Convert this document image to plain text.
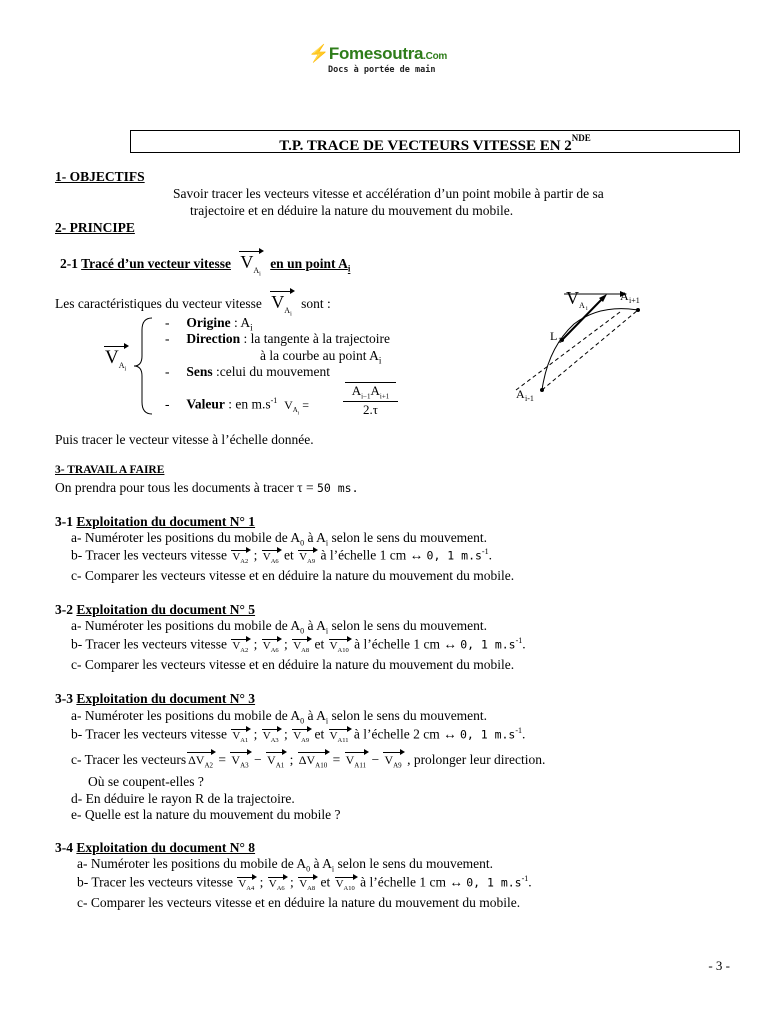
⚡Fomesoutra.Com
Docs à portée de main
T.P. TRACE DE VECTEURS VITESSE EN 2NDE
1- OBJECTIFS
Savoir tracer les vecteurs vitesse et accélération d’un point mobile à partir de sa
trajectoire et en déduire la nature du mouvement du mobile.
2- PRINCIPE
2-1 Tracé d’un vecteur vitesse $V_{A_i}$ en un point $A_i$
Les caractéristiques du vecteur vitesse $V_{A_i}$ sont :
$V_{A_i}$
-     Origine : $A_i$
-     Direction : la tangente à la trajectoire
à la courbe au point $A_i$
-     Sens :celui du mouvement
-     Valeur : en $m.s^{-1}$ $V_{A_i}$ =
$A_{i-1}A_{i+1}$
2.τ
V A i
A i+1
L 1
A i-1
Puis tracer le vecteur vitesse à l’échelle donnée.
3- TRAVAIL A FAIRE
On prendra pour tous les documents à tracer τ = 50 ms.
3-1 Exploitation du document N° 1
a- Numéroter les positions du mobile de $A_0$ à $A_i$ selon le sens du mouvement.
b- Tracer les vecteurs vitesse $V_{A2}$ ; $V_{A6}$ et $V_{A9}$ à l’échelle 1 cm ↔ 0, 1 $m.s^{-1}$.
c- Comparer les vecteurs vitesse et en déduire la nature du mouvement du mobile.
3-2 Exploitation du document N° 5
a- Numéroter les positions du mobile de $A_0$ à $A_i$ selon le sens du mouvement.
b- Tracer les vecteurs vitesse $V_{A2}$ ; $V_{A6}$ ; $V_{A8}$ et $V_{A10}$ à l’échelle 1 cm ↔ 0, 1 $m.s^{-1}$.
c- Comparer les vecteurs vitesse et en déduire la nature du mouvement du mobile.
3-3 Exploitation du document N° 3
a- Numéroter les positions du mobile de $A_0$ à $A_i$ selon le sens du mouvement.
b- Tracer les vecteurs vitesse $V_{A1}$ ; $V_{A3}$ ; $V_{A9}$ et $V_{A11}$ à l’échelle 2 cm ↔ 0, 1 $m.s^{-1}$.
c- Tracer les vecteurs $\Delta V_{A2} = V_{A3} - V_{A1}$ ; $\Delta V_{A10} = V_{A11} - V_{A9}$ , prolonger leur direction.
Où se coupent-elles ?
d- En déduire le rayon R de la trajectoire.
e- Quelle est la nature du mouvement du mobile ?
3-4 Exploitation du document N° 8
a- Numéroter les positions du mobile de $A_0$ à $A_i$ selon le sens du mouvement.
b- Tracer les vecteurs vitesse $V_{A4}$ ; $V_{A6}$ ; $V_{A8}$ et $V_{A10}$ à l’échelle 1 cm ↔ 0, 1 $m.s^{-1}$.
c- Comparer les vecteurs vitesse et en déduire la nature du mouvement du mobile.
- 3 -
